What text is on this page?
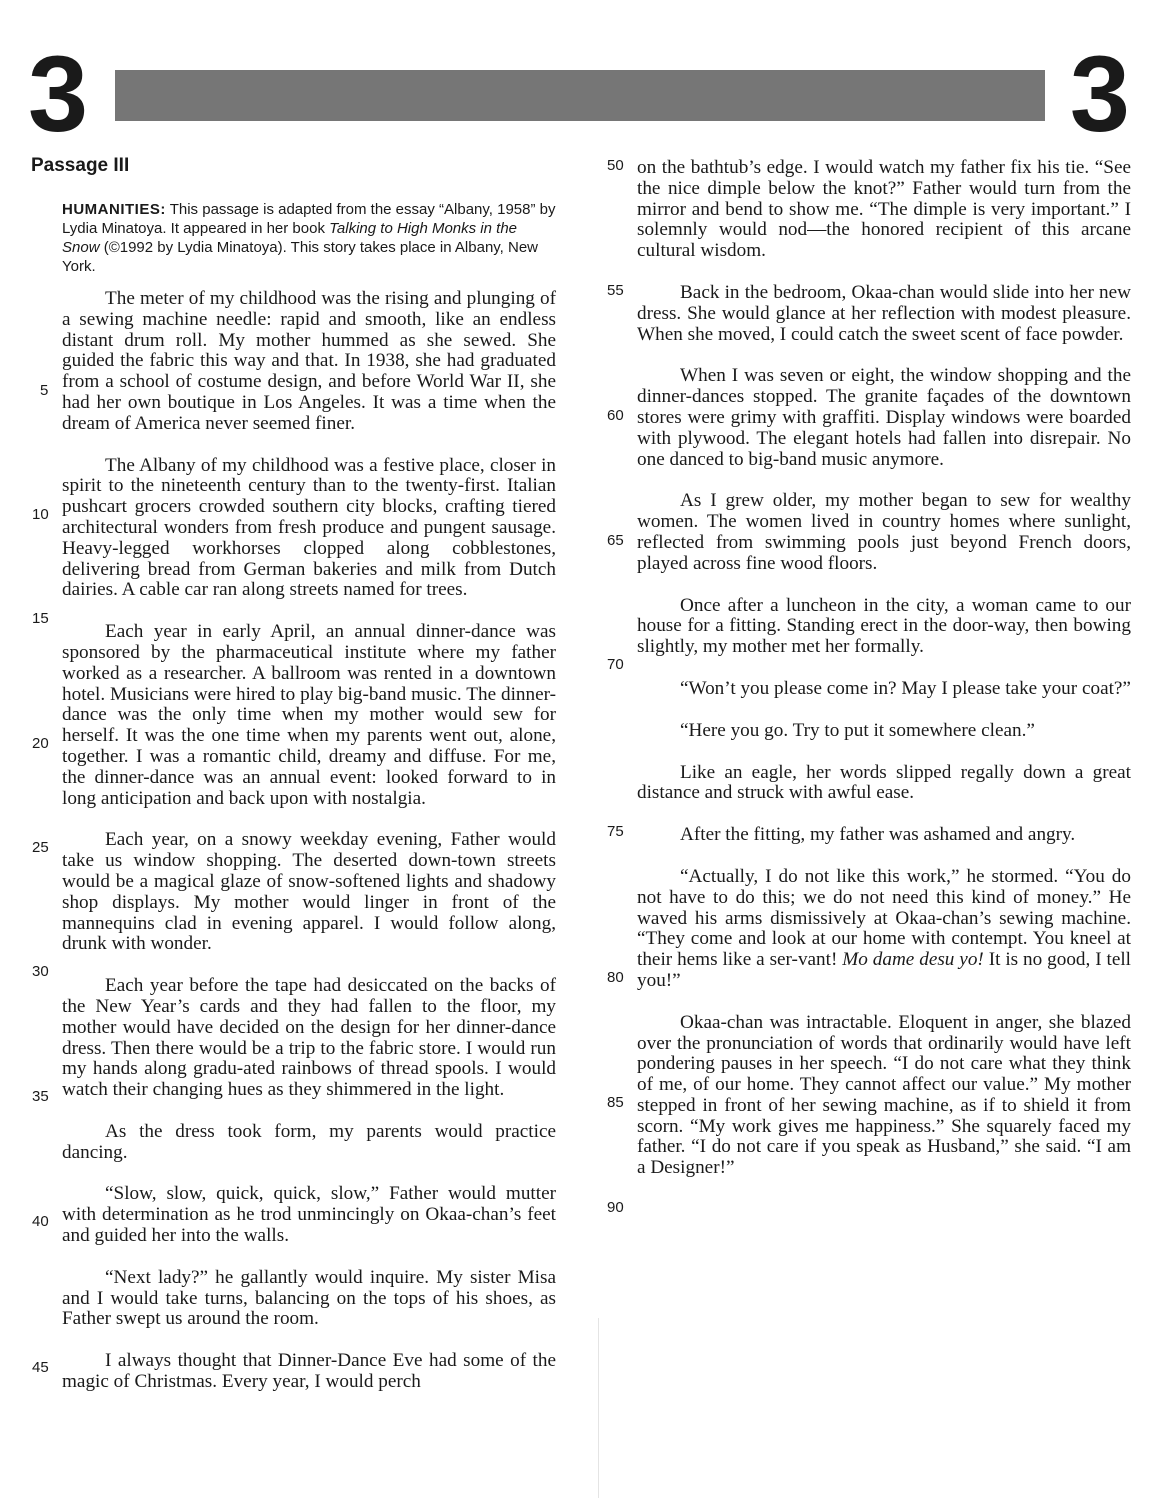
3	3
Passage III
HUMANITIES: This passage is adapted from the essay “Albany, 1958” by Lydia Minatoya. It appeared in her book Talking to High Monks in the Snow (©1992 by Lydia Minatoya). This story takes place in Albany, New York.

The meter of my childhood was the rising and plunging of a sewing machine needle: rapid and smooth, like an endless distant drum roll. My mother hummed as she sewed. She guided the fabric this way and that. In 1938, she had graduated from a school of costume design, and before World War II, she had her own boutique in Los Angeles. It was a time when the dream of America never seemed finer.

The Albany of my childhood was a festive place, closer in spirit to the nineteenth century than to the twenty-first. Italian pushcart grocers crowded southern city blocks, crafting tiered architectural wonders from fresh produce and pungent sausage. Heavy-legged workhorses clopped along cobblestones, delivering bread from German bakeries and milk from Dutch dairies. A cable car ran along streets named for trees.

Each year in early April, an annual dinner-dance was sponsored by the pharmaceutical institute where my father worked as a researcher. A ballroom was rented in a downtown hotel. Musicians were hired to play big-band music. The dinner-dance was the only time when my mother would sew for herself. It was the one time when my parents went out, alone, together. I was a romantic child, dreamy and diffuse. For me, the dinner-dance was an annual event: looked forward to in long anticipation and back upon with nostalgia.

Each year, on a snowy weekday evening, Father would take us window shopping. The deserted down-town streets would be a magical glaze of snow-softened lights and shadowy shop displays. My mother would linger in front of the mannequins clad in evening apparel. I would follow along, drunk with wonder.

Each year before the tape had desiccated on the backs of the New Year’s cards and they had fallen to the floor, my mother would have decided on the design for her dinner-dance dress. Then there would be a trip to the fabric store. I would run my hands along gradu-ated rainbows of thread spools. I would watch their changing hues as they shimmered in the light.

As the dress took form, my parents would practice dancing.

“Slow, slow, quick, quick, slow,” Father would mutter with determination as he trod unmincingly on Okaa-chan’s feet and guided her into the walls.

“Next lady?” he gallantly would inquire. My sister Misa and I would take turns, balancing on the tops of his shoes, as Father swept us around the room.

I always thought that Dinner-Dance Eve had some of the magic of Christmas. Every year, I would perch

on the bathtub’s edge. I would watch my father fix his tie. “See the nice dimple below the knot?” Father would turn from the mirror and bend to show me. “The dimple is very important.” I solemnly would nod—the honored recipient of this arcane cultural wisdom.

Back in the bedroom, Okaa-chan would slide into her new dress. She would glance at her reflection with modest pleasure. When she moved, I could catch the sweet scent of face powder.

When I was seven or eight, the window shopping and the dinner-dances stopped. The granite façades of the downtown stores were grimy with graffiti. Display windows were boarded with plywood. The elegant hotels had fallen into disrepair. No one danced to big-band music anymore.

As I grew older, my mother began to sew for wealthy women. The women lived in country homes where sunlight, reflected from swimming pools just beyond French doors, played across fine wood floors.

Once after a luncheon in the city, a woman came to our house for a fitting. Standing erect in the door-way, then bowing slightly, my mother met her formally.

“Won’t you please come in? May I please take your coat?”

“Here you go. Try to put it somewhere clean.”

Like an eagle, her words slipped regally down a great distance and struck with awful ease.

After the fitting, my father was ashamed and angry.

“Actually, I do not like this work,” he stormed. “You do not have to do this; we do not need this kind of money.” He waved his arms dismissively at Okaa-chan’s sewing machine. “They come and look at our home with contempt. You kneel at their hems like a ser-vant! Mo dame desu yo! It is no good, I tell you!”

Okaa-chan was intractable. Eloquent in anger, she blazed over the pronunciation of words that ordinarily would have left pondering pauses in her speech. “I do not care what they think of me, of our home. They cannot affect our value.” My mother stepped in front of her sewing machine, as if to shield it from scorn. “My work gives me happiness.” She squarely faced my father. “I do not care if you speak as Husband,” she said. “I am a Designer!”

5
10
15
20
25
30
35
40
45
50
55
60
65
70
75
80
85
90
